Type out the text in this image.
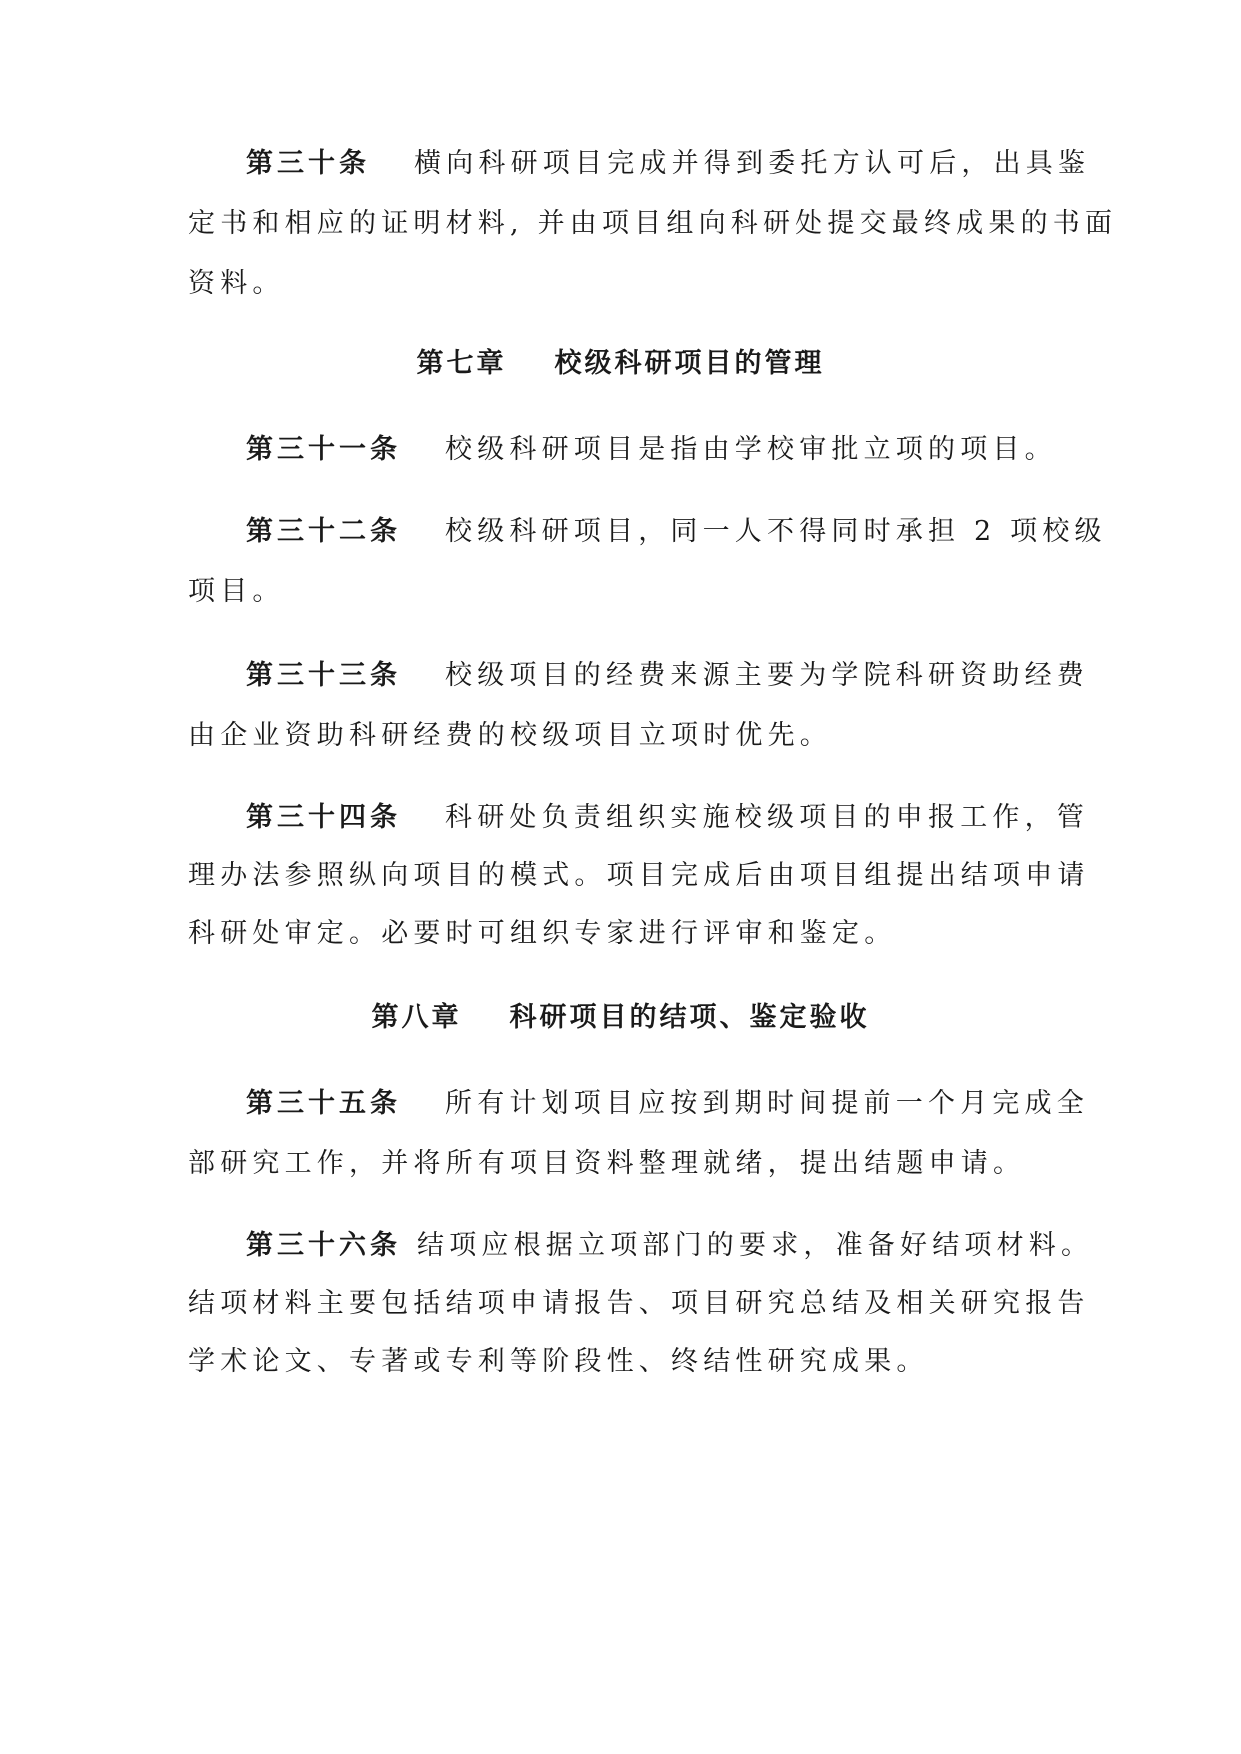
第三十条 横向科研项目完成并得到委托方认可后，出具鉴
定书和相应的证明材料, 并由项目组向科研处提交最终成果的书面
资料。
第七章 校级科研项目的管理
第三十一条 校级科研项目是指由学校审批立项的项目。
第三十二条 校级科研项目，同一人不得同时承担 2 项校级
项目。
第三十三条 校级项目的经费来源主要为学院科研资助经费
由企业资助科研经费的校级项目立项时优先。
第三十四条 科研处负责组织实施校级项目的申报工作，管
理办法参照纵向项目的模式。项目完成后由项目组提出结项申请
科研处审定。必要时可组织专家进行评审和鉴定。
第八章 科研项目的结项、鉴定验收
第三十五条 所有计划项目应按到期时间提前一个月完成全
部研究工作，并将所有项目资料整理就绪，提出结题申请。
第三十六条 结项应根据立项部门的要求，准备好结项材料。
结项材料主要包括结项申请报告、项目研究总结及相关研究报告
学术论文、专著或专利等阶段性、终结性研究成果。
